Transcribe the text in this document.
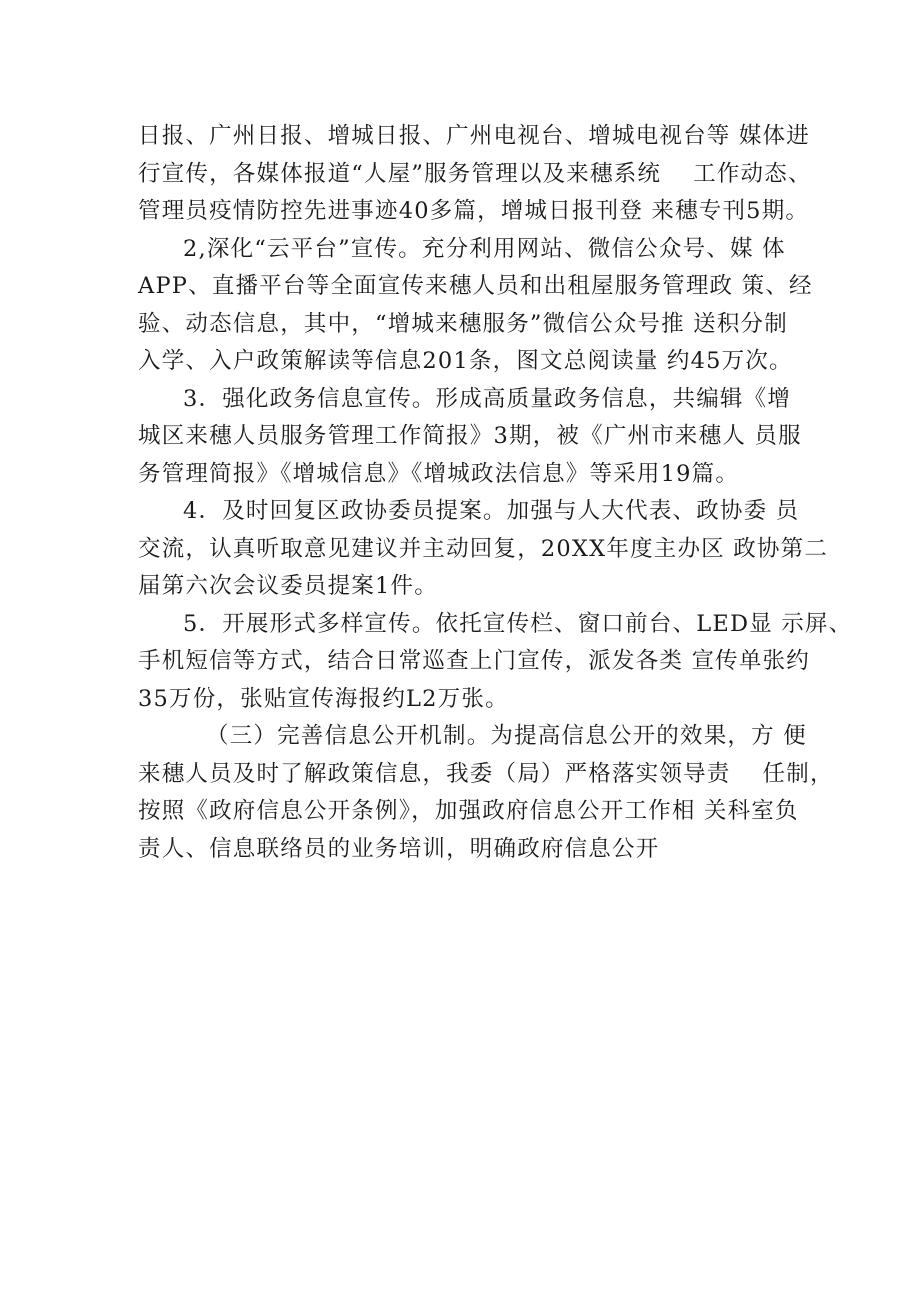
日报、广州日报、增城日报、广州电视台、增城电视台等 媒体进
行宣传，各媒体报道“人屋”服务管理以及来穗系统　 工作动态、
管理员疫情防控先进事迹40多篇，增城日报刊登 来穗专刊5期。
2,深化“云平台”宣传。充分利用网站、微信公众号、媒 体
APP、直播平台等全面宣传来穗人员和出租屋服务管理政 策、经
验、动态信息，其中，“增城来穗服务”微信公众号推 送积分制
入学、入户政策解读等信息201条，图文总阅读量 约45万次。
3．强化政务信息宣传。形成高质量政务信息，共编辑《增
城区来穗人员服务管理工作简报》3期，被《广州市来穗人 员服
务管理简报》《增城信息》《增城政法信息》等采用19篇。
4．及时回复区政协委员提案。加强与人大代表、政协委 员
交流，认真听取意见建议并主动回复，20XX年度主办区 政协第二
届第六次会议委员提案1件。
5．开展形式多样宣传。依托宣传栏、窗口前台、LED显 示屏、
手机短信等方式，结合日常巡查上门宣传，派发各类 宣传单张约
35万份，张贴宣传海报约L2万张。
（三）完善信息公开机制。为提高信息公开的效果，方 便
来穗人员及时了解政策信息，我委（局）严格落实领导责　 任制，
按照《政府信息公开条例》，加强政府信息公开工作相 关科室负
责人、信息联络员的业务培训，明确政府信息公开
